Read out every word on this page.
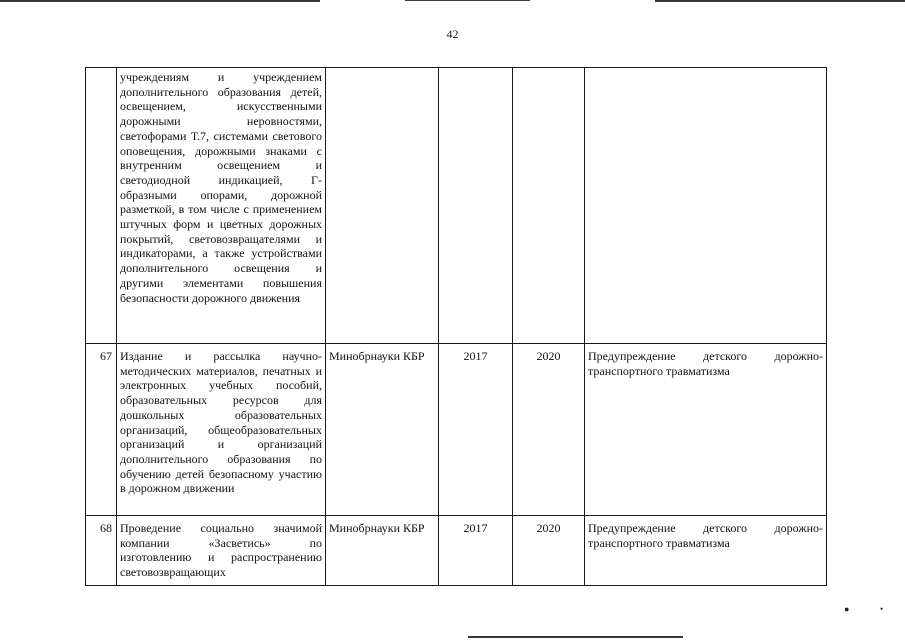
●	•
42
	учреждениям и учреждением дополнительного образования детей, освещением, искусственными дорожными неровностями, светофорами Т.7, системами светового оповещения, дорожными знаками с внутренним освещением и светодиодной индикацией, Г-образными опорами, дорожной разметкой, в том числе с применением штучных форм и цветных дорожных покрытий, световозвращателями и индикаторами, а также устройствами дополнительного освещения и другими элементами повышения безопасности дорожного движения				
67	Издание и рассылка научно-методических материалов, печатных и электронных учебных пособий, образовательных ресурсов для дошкольных образовательных организаций, общеобразовательных организаций и организаций дополнительного образования по обучению детей безопасному участию в дорожном движении	Минобрнауки КБР	2017	2020	Предупреждение детского дорожно-транспортного травматизма
68	Проведение социально значимой компании «Засветись» по изготовлению и распространению световозвращающих	Минобрнауки КБР	2017	2020	Предупреждение детского дорожно-транспортного травматизма
